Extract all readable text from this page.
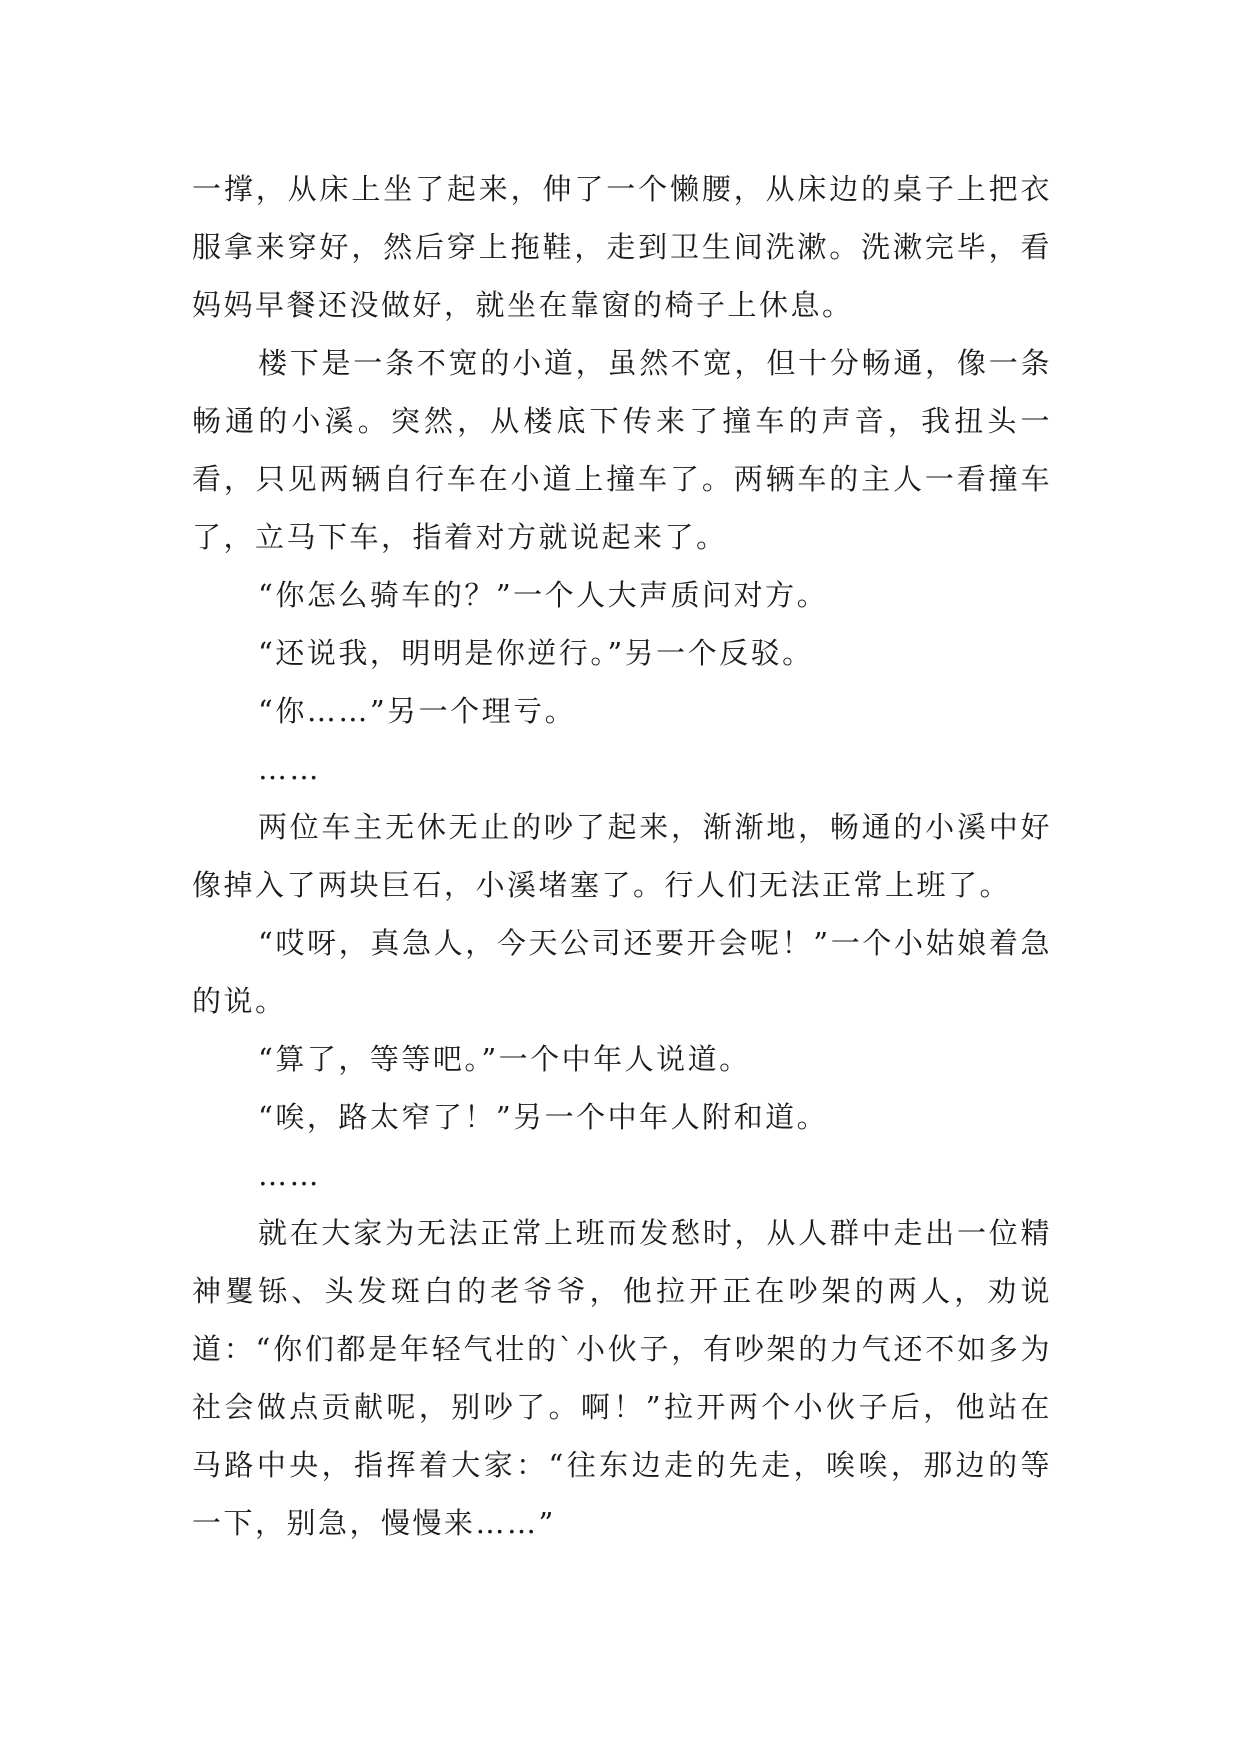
一撑，从床上坐了起来，伸了一个懒腰，从床边的桌子上把衣服拿来穿好，然后穿上拖鞋，走到卫生间洗漱。洗漱完毕，看妈妈早餐还没做好，就坐在靠窗的椅子上休息。

楼下是一条不宽的小道，虽然不宽，但十分畅通，像一条畅通的小溪。突然，从楼底下传来了撞车的声音，我扭头一看，只见两辆自行车在小道上撞车了。两辆车的主人一看撞车了，立马下车，指着对方就说起来了。

“你怎么骑车的？”一个人大声质问对方。

“还说我，明明是你逆行。”另一个反驳。

“你……”另一个理亏。

……

两位车主无休无止的吵了起来，渐渐地，畅通的小溪中好像掉入了两块巨石，小溪堵塞了。行人们无法正常上班了。

“哎呀，真急人，今天公司还要开会呢！”一个小姑娘着急的说。

“算了，等等吧。”一个中年人说道。

“唉，路太窄了！”另一个中年人附和道。

……

就在大家为无法正常上班而发愁时，从人群中走出一位精神矍铄、头发斑白的老爷爷，他拉开正在吵架的两人，劝说道：“你们都是年轻气壮的`小伙子，有吵架的力气还不如多为社会做点贡献呢，别吵了。啊！”拉开两个小伙子后，他站在马路中央，指挥着大家：“往东边走的先走，唉唉，那边的等一下，别急，慢慢来……”
